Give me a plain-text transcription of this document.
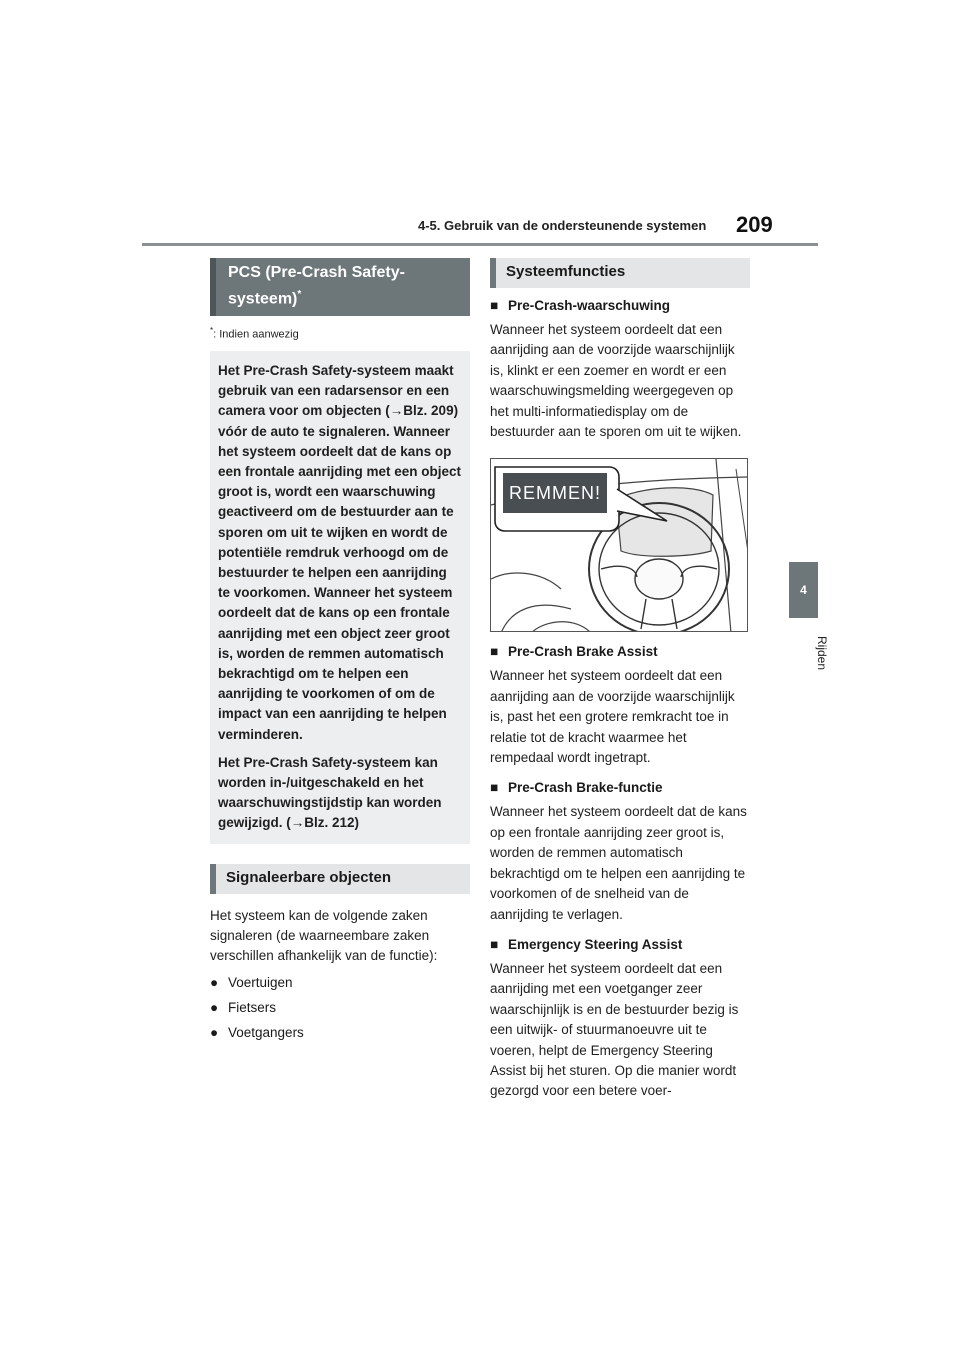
4-5. Gebruik van de ondersteunende systemen 209
4
Rijden
PCS (Pre-Crash Safety-systeem)*
*: Indien aanwezig

Het Pre-Crash Safety-systeem maakt gebruik van een radarsensor en een camera voor om objecten (→Blz. 209) vóór de auto te signaleren. Wanneer het systeem oordeelt dat de kans op een frontale aanrijding met een object groot is, wordt een waarschuwing geactiveerd om de bestuurder aan te sporen om uit te wijken en wordt de potentiële remdruk verhoogd om de bestuurder te helpen een aanrijding te voorkomen. Wanneer het systeem oordeelt dat de kans op een frontale aanrijding met een object zeer groot is, worden de remmen automatisch bekrachtigd om te helpen een aanrijding te voorkomen of om de impact van een aanrijding te helpen verminderen.

Het Pre-Crash Safety-systeem kan worden in-/uitgeschakeld en het waarschuwingstijdstip kan worden gewijzigd. (→Blz. 212)

Signaleerbare objecten

Het systeem kan de volgende zaken signaleren (de waarneembare zaken verschillen afhankelijk van de functie):

● Voertuigen
● Fietsers
● Voetgangers
Systeemfuncties
■ Pre-Crash-waarschuwing

Wanneer het systeem oordeelt dat een aanrijding aan de voorzijde waarschijnlijk is, klinkt er een zoemer en wordt er een waarschuwingsmelding weergegeven op het multi-informatiedisplay om de bestuurder aan te sporen om uit te wijken.

REMMEN!
■ Pre-Crash Brake Assist

Wanneer het systeem oordeelt dat een aanrijding aan de voorzijde waarschijnlijk is, past het een grotere remkracht toe in relatie tot de kracht waarmee het rempedaal wordt ingetrapt.

■ Pre-Crash Brake-functie

Wanneer het systeem oordeelt dat de kans op een frontale aanrijding zeer groot is, worden de remmen automatisch bekrachtigd om te helpen een aanrijding te voorkomen of de snelheid van de aanrijding te verlagen.

■ Emergency Steering Assist

Wanneer het systeem oordeelt dat een aanrijding met een voetganger zeer waarschijnlijk is en de bestuurder bezig is een uitwijk- of stuurmanoeuvre uit te voeren, helpt de Emergency Steering Assist bij het sturen. Op die manier wordt gezorgd voor een betere voer-
